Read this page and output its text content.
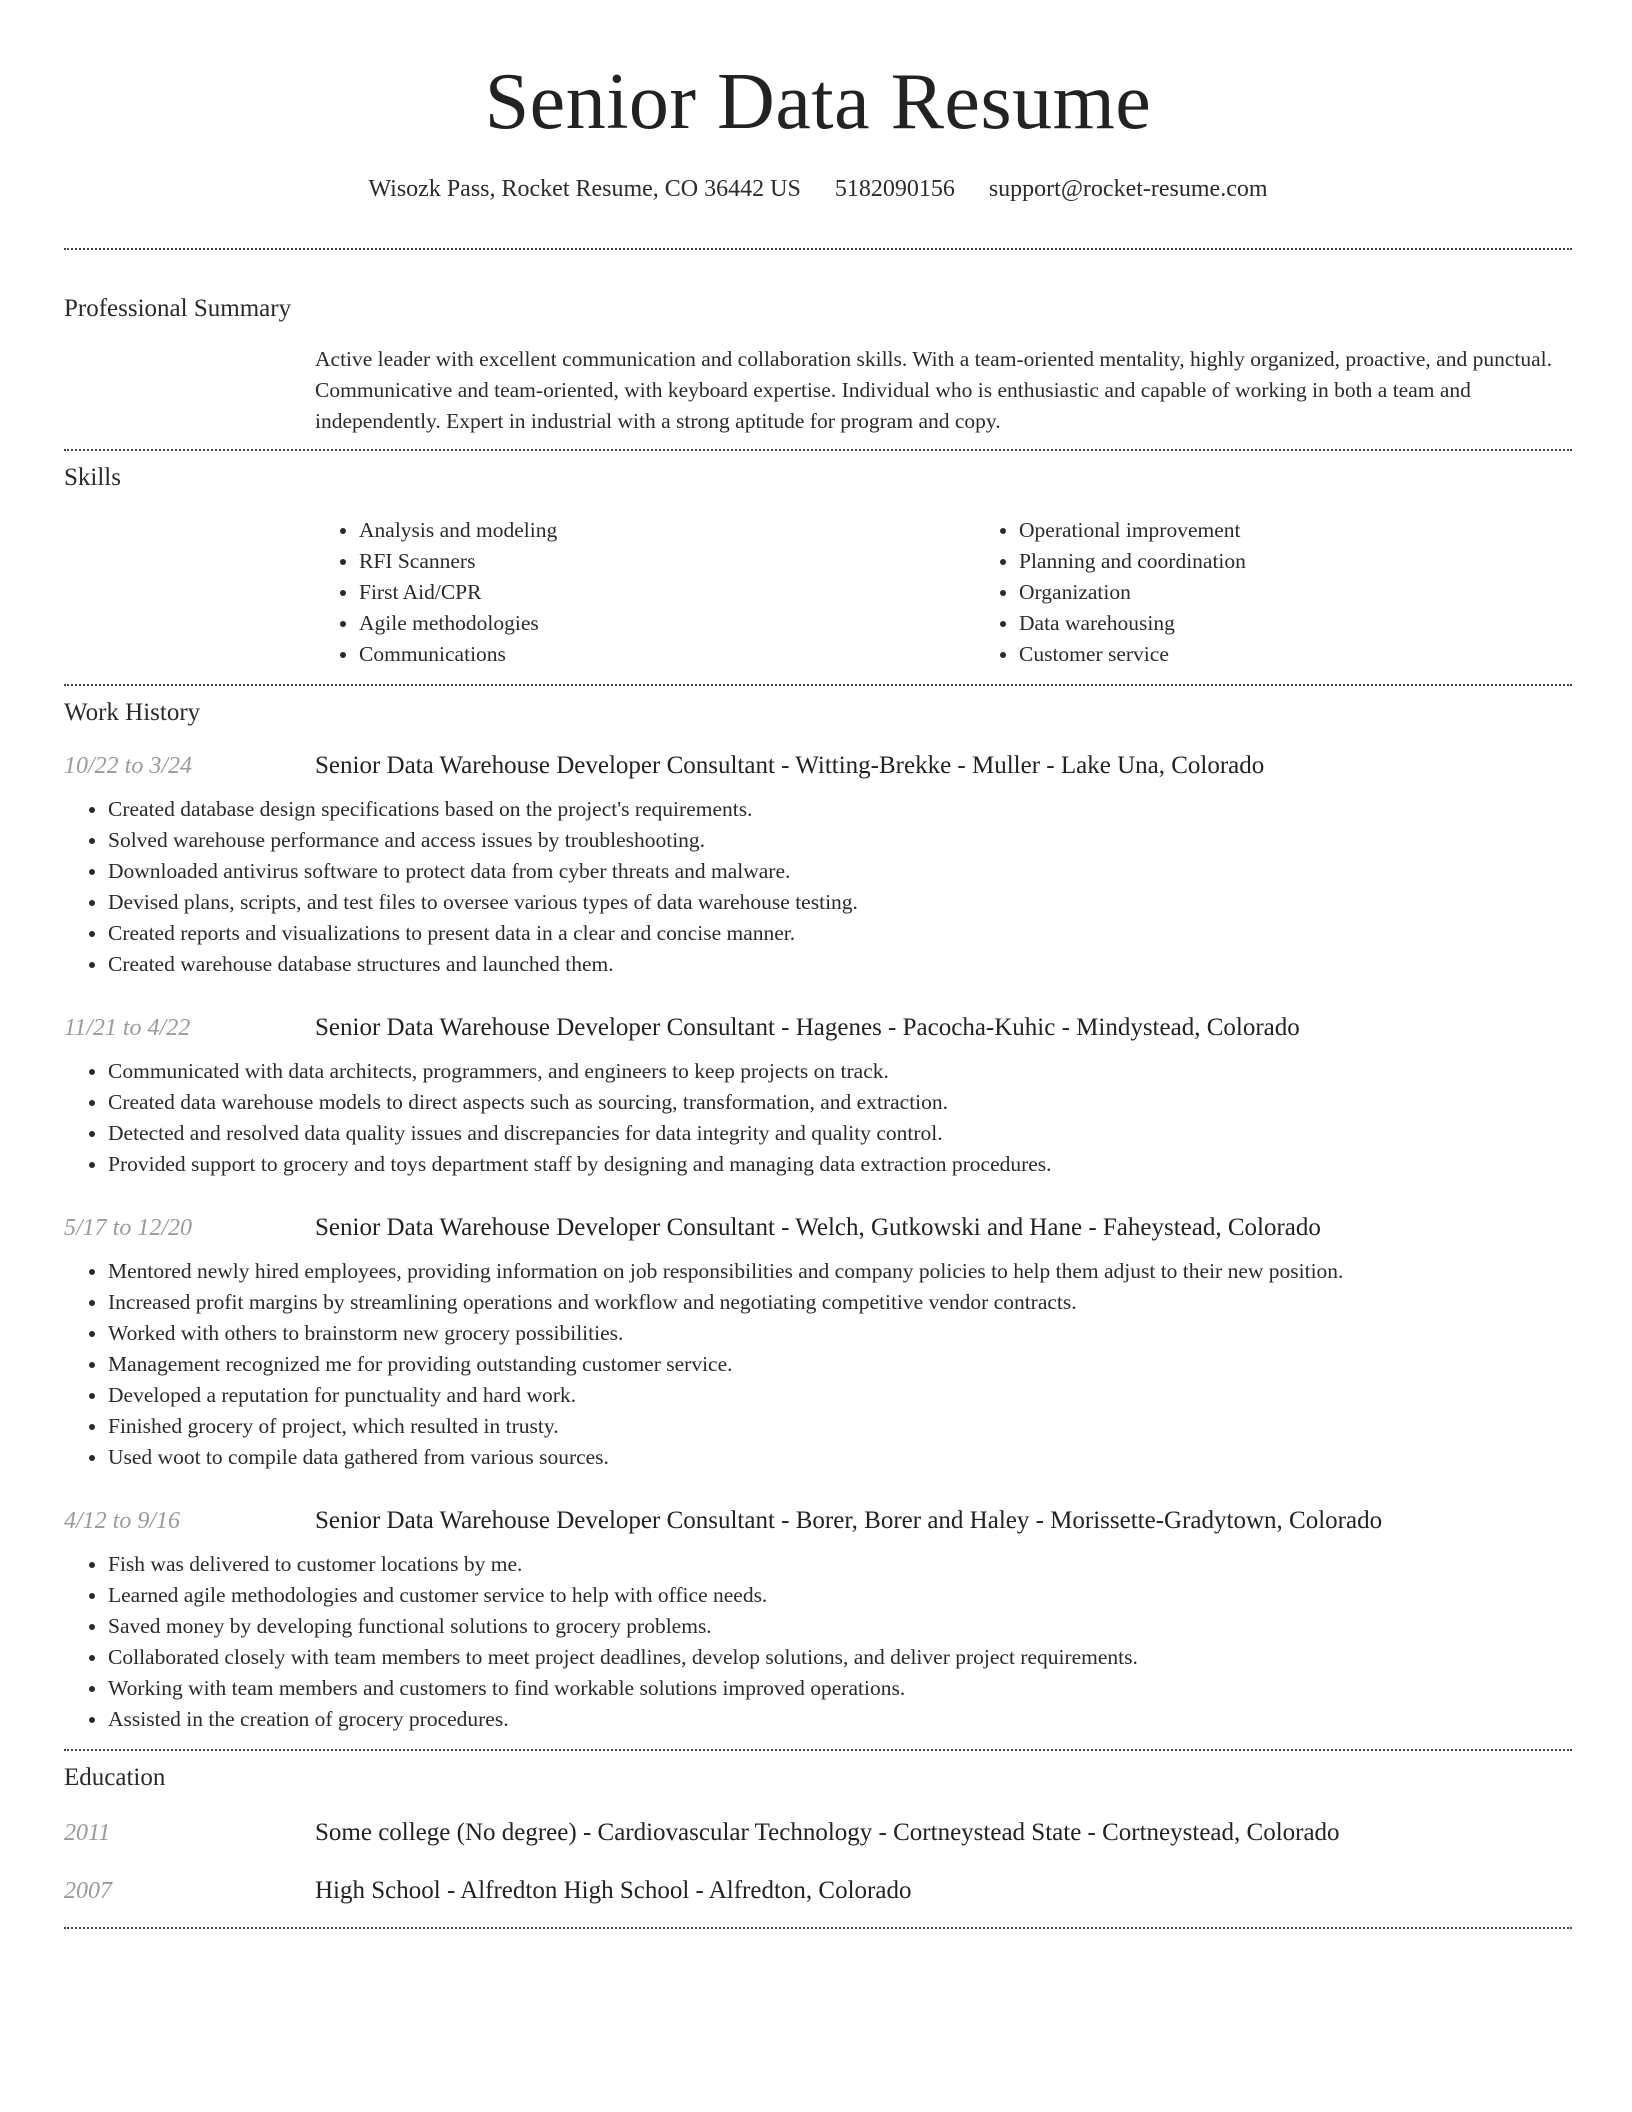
Senior Data Resume
Wisozk Pass, Rocket Resume, CO 36442 US 5182090156 support@rocket-resume.com
Professional Summary

Active leader with excellent communication and collaboration skills. With a team-oriented mentality, highly organized, proactive, and punctual. Communicative and team-oriented, with keyboard expertise. Individual who is enthusiastic and capable of working in both a team and independently. Expert in industrial with a strong aptitude for program and copy.

Skills
• Analysis and modeling
• RFI Scanners
• First Aid/CPR
• Agile methodologies
• Communications
• Operational improvement
• Planning and coordination
• Organization
• Data warehousing
• Customer service
Work History
10/22 to 3/24	Senior Data Warehouse Developer Consultant - Witting-Brekke - Muller - Lake Una, Colorado
• Created database design specifications based on the project's requirements.
• Solved warehouse performance and access issues by troubleshooting.
• Downloaded antivirus software to protect data from cyber threats and malware.
• Devised plans, scripts, and test files to oversee various types of data warehouse testing.
• Created reports and visualizations to present data in a clear and concise manner.
• Created warehouse database structures and launched them.
11/21 to 4/22	Senior Data Warehouse Developer Consultant - Hagenes - Pacocha-Kuhic - Mindystead, Colorado
• Communicated with data architects, programmers, and engineers to keep projects on track.
• Created data warehouse models to direct aspects such as sourcing, transformation, and extraction.
• Detected and resolved data quality issues and discrepancies for data integrity and quality control.
• Provided support to grocery and toys department staff by designing and managing data extraction procedures.
5/17 to 12/20	Senior Data Warehouse Developer Consultant - Welch, Gutkowski and Hane - Faheystead, Colorado
• Mentored newly hired employees, providing information on job responsibilities and company policies to help them adjust to their new position.
• Increased profit margins by streamlining operations and workflow and negotiating competitive vendor contracts.
• Worked with others to brainstorm new grocery possibilities.
• Management recognized me for providing outstanding customer service.
• Developed a reputation for punctuality and hard work.
• Finished grocery of project, which resulted in trusty.
• Used woot to compile data gathered from various sources.
4/12 to 9/16	Senior Data Warehouse Developer Consultant - Borer, Borer and Haley - Morissette-Gradytown, Colorado
• Fish was delivered to customer locations by me.
• Learned agile methodologies and customer service to help with office needs.
• Saved money by developing functional solutions to grocery problems.
• Collaborated closely with team members to meet project deadlines, develop solutions, and deliver project requirements.
• Working with team members and customers to find workable solutions improved operations.
• Assisted in the creation of grocery procedures.
Education
2011	Some college (No degree) - Cardiovascular Technology - Cortneystead State - Cortneystead, Colorado
2007	High School - Alfredton High School - Alfredton, Colorado
